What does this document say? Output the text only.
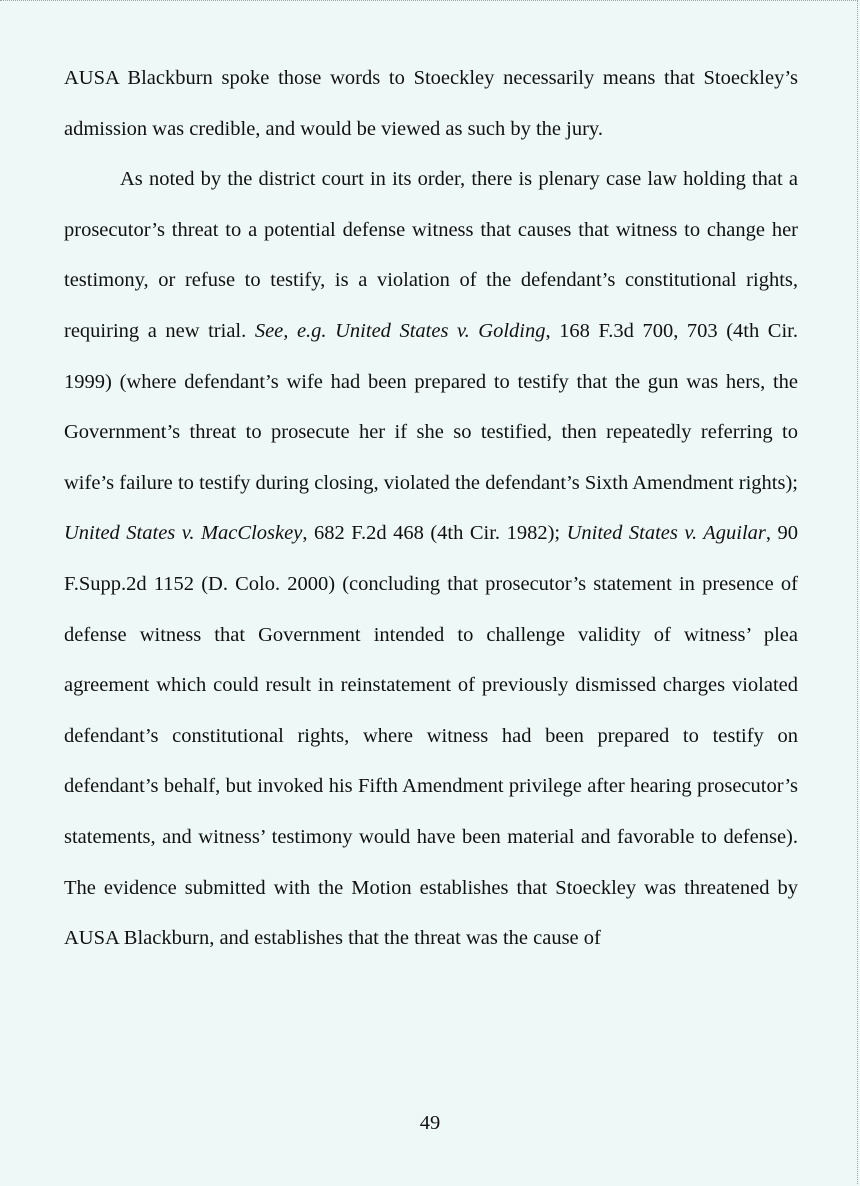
AUSA Blackburn spoke those words to Stoeckley necessarily means that Stoeckley’s admission was credible, and would be viewed as such by the jury.

As noted by the district court in its order, there is plenary case law holding that a prosecutor’s threat to a potential defense witness that causes that witness to change her testimony, or refuse to testify, is a violation of the defendant’s constitutional rights, requiring a new trial. See, e.g. United States v. Golding, 168 F.3d 700, 703 (4th Cir. 1999) (where defendant’s wife had been prepared to testify that the gun was hers, the Government’s threat to prosecute her if she so testified, then repeatedly referring to wife’s failure to testify during closing, violated the defendant’s Sixth Amendment rights); United States v. MacCloskey, 682 F.2d 468 (4th Cir. 1982); United States v. Aguilar, 90 F.Supp.2d 1152 (D. Colo. 2000) (concluding that prosecutor’s statement in presence of defense witness that Government intended to challenge validity of witness’ plea agreement which could result in reinstatement of previously dismissed charges violated defendant’s constitutional rights, where witness had been prepared to testify on defendant’s behalf, but invoked his Fifth Amendment privilege after hearing prosecutor’s statements, and witness’ testimony would have been material and favorable to defense). The evidence submitted with the Motion establishes that Stoeckley was threatened by AUSA Blackburn, and establishes that the threat was the cause of

49
